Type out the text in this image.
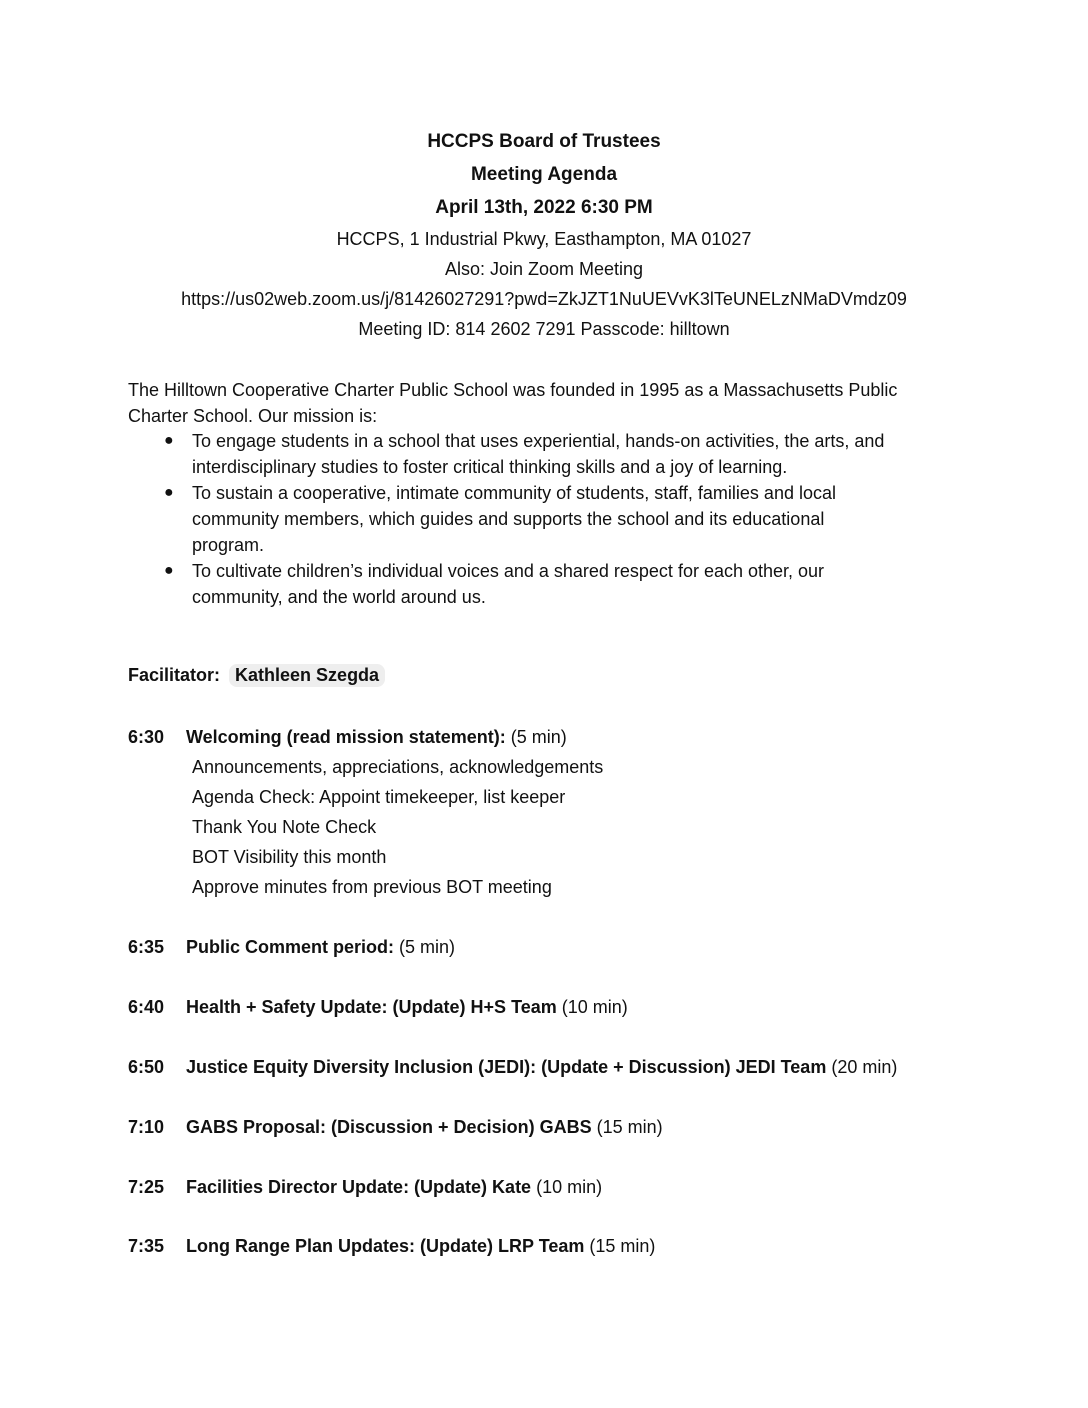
HCCPS Board of Trustees
Meeting Agenda
April 13th, 2022 6:30 PM
HCCPS, 1 Industrial Pkwy, Easthampton, MA 01027
Also: Join Zoom Meeting
https://us02web.zoom.us/j/81426027291?pwd=ZkJZT1NuUEVvK3lTeUNELzNMaDVmdz09
Meeting ID: 814 2602 7291 Passcode: hilltown
The Hilltown Cooperative Charter Public School was founded in 1995 as a Massachusetts Public
Charter School. Our mission is:
● To engage students in a school that uses experiential, hands-on activities, the arts, and
interdisciplinary studies to foster critical thinking skills and a joy of learning.
● To sustain a cooperative, intimate community of students, staff, families and local
community members, which guides and supports the school and its educational
program.
● To cultivate children’s individual voices and a shared respect for each other, our
community, and the world around us.
Facilitator: Kathleen Szegda
6:30 Welcoming (read mission statement): (5 min)
Announcements, appreciations, acknowledgements
Agenda Check: Appoint timekeeper, list keeper
Thank You Note Check
BOT Visibility this month
Approve minutes from previous BOT meeting
6:35 Public Comment period: (5 min)
6:40 Health + Safety Update: (Update) H+S Team (10 min)
6:50 Justice Equity Diversity Inclusion (JEDI): (Update + Discussion) JEDI Team (20 min)
7:10 GABS Proposal: (Discussion + Decision) GABS (15 min)
7:25 Facilities Director Update: (Update) Kate (10 min)
7:35 Long Range Plan Updates: (Update) LRP Team (15 min)
